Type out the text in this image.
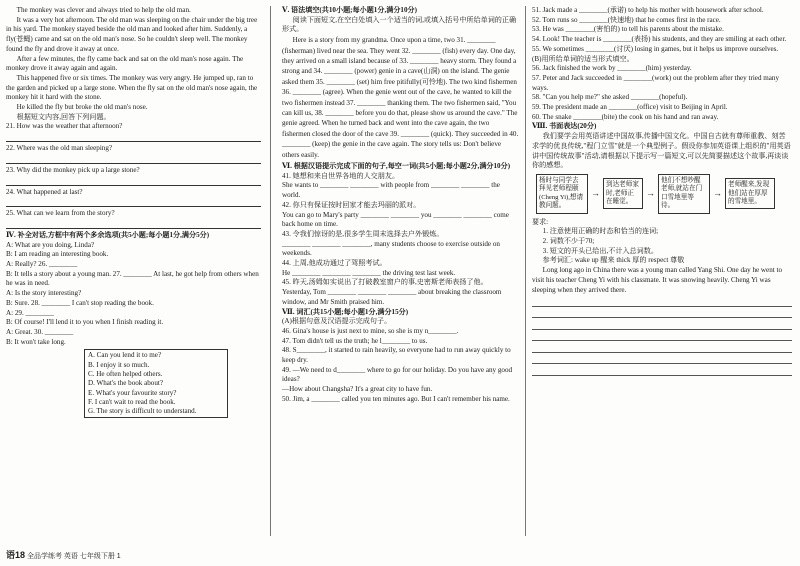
The monkey was clever and always tried to help the old man.

It was a very hot afternoon. The old man was sleeping on the chair under the big tree in his yard. The monkey stayed beside the old man and looked after him. Suddenly, a fly(苍蝇) came and sat on the old man's nose. So he couldn't sleep well. The monkey found the fly and drove it away at once.

After a few minutes, the fly came back and sat on the old man's nose again. The monkey drove it away again and again.

This happened five or six times. The monkey was very angry. He jumped up, ran to the garden and picked up a large stone. When the fly sat on the old man's nose again, the monkey hit it hard with the stone.

He killed the fly but broke the old man's nose.

根据短文内容,回答下列问题。

21. How was the weather that afternoon?

22. Where was the old man sleeping?

23. Why did the monkey pick up a large stone?

24. What happened at last?

25. What can we learn from the story?

Ⅳ. 补全对话,方框中有两个多余选项(共5小题;每小题1分,满分5分)

A: What are you doing, Linda?

B: I am reading an interesting book.

A: Really? 26. ________

B: It tells a story about a young man. 27. ________ At last, he got help from others when he was in need.

A: Is the story interesting?

B: Sure. 28. ________ I can't stop reading the book.

A: 29. ________

B: Of course! I'll lend it to you when I finish reading it.

A: Great. 30. ________

B: It won't take long.

A. Can you lend it to me?

B. I enjoy it so much.

C. He often helped others.

D. What's the book about?

E. What's your favourite story?

F. I can't wait to read the book.

G. The story is difficult to understand.

Ⅴ. 语法填空(共10小题;每小题1分,满分10分)

阅读下面短文,在空白处填入一个适当的词,或填入括号中所给单词的正确形式。

Here is a story from my grandma. Once upon a time, two 31. ________ (fisherman) lived near the sea. They went 32. ________ (fish) every day. One day, they arrived on a small island because of 33. ________ heavy storm. They found a strong and 34. ________ (power) genie in a cave(山洞) on the island. The genie asked them 35. ________ (set) him free pitifully(可怜地). The two kind fishermen 36. ________ (agree). When the genie went out of the cave, he wanted to kill the two fishermen instead 37. ________ thanking them. The two fishermen said, "You can kill us, 38. ________ before you do that, please show us around the cave." The genie agreed. When he turned back and went into the cave again, the two fishermen closed the door of the cave 39. ________ (quick). They succeeded in 40. ________ (keep) the genie in the cave again. The story tells us: Don't believe others easily.

Ⅵ. 根据汉语提示完成下面的句子,每空一词(共5小题;每小题2分,满分10分)

41. 她想和来自世界各地的人交朋友。

She wants to ________ ________ with people from ________ ________ the world.

42. 你只有保证按时回家才能去玛丽的派对。

You can go to Mary's party ________ ________ you ________ ________ come back home on time.

43. 令我们惊讶的是,很多学生周末选择去户外锻炼。

________ ________ ________, many students choose to exercise outside on weekends.

44. 上周,他成功通过了驾照考试。

He ________ ________ ________ the driving test last week.

45. 昨天,汤姆如实说出了打破教室窗户的事,史密斯老师表扬了他。

Yesterday, Tom ________ ________ ________ about breaking the classroom window, and Mr Smith praised him.

Ⅶ. 词汇(共15小题;每小题1分,满分15分)

(A)根据句意及汉语提示完成句子。

46. Gina's house is just next to mine, so she is my n________.

47. Tom didn't tell us the truth; he l________ to us.

48. S________, it started to rain heavily, so everyone had to run away quickly to keep dry.

49. —We need to d________ where to go for our holiday. Do you have any good ideas?

—How about Changsha? It's a great city to have fun.

50. Jim, a ________ called you ten minutes ago. But I can't remember his name.

51. Jack made a ________(承诺) to help his mother with housework after school.

52. Tom runs so ________(快速地) that he comes first in the race.

53. He was ________(害怕的) to tell his parents about the mistake.

54. Look! The teacher is ________(表扬) his students, and they are smiling at each other.

55. We sometimes ________(讨厌) losing in games, but it helps us improve ourselves.

(B)用所给单词的适当形式填空。

56. Jack finished the work by ________(him) yesterday.

57. Peter and Jack succeeded in ________(work) out the problem after they tried many ways.

58. "Can you help me?" she asked ________(hopeful).

59. The president made an ________(office) visit to Beijing in April.

60. The snake ________(bite) the cook on his hand and ran away.

Ⅷ. 书面表达(20分)

我们要学会用英语讲述中国故事,传播中国文化。中国自古就有尊师重教、刻苦求学的优良传统,"程门立雪"就是一个典型例子。假设你参加英语课上组织的"用英语讲中国传统故事"活动,请根据以下提示写一篇短文,可以先简要描述这个故事,再谈谈你的感想。

杨时与同学去拜见老师程颐(Cheng Yi),想请教问题。
→
到达老师家时,老师正在睡觉。
→
他们不想吵醒老师,就站在门口雪地里等待。
→
老师醒来,发现他们站在厚厚的雪地里。

要求:

1. 注意使用正确的时态和恰当的连词;

2. 词数不少于70;

3. 短文的开头已给出,不计入总词数。

参考词汇: wake up 醒来 thick 厚的 respect 尊敬

Long long ago in China there was a young man called Yang Shi. One day he went to visit his teacher Cheng Yi with his classmate. It was snowing heavily. Cheng Yi was sleeping when they arrived there.

语18 全品学练考 英语 七年级下册 1
